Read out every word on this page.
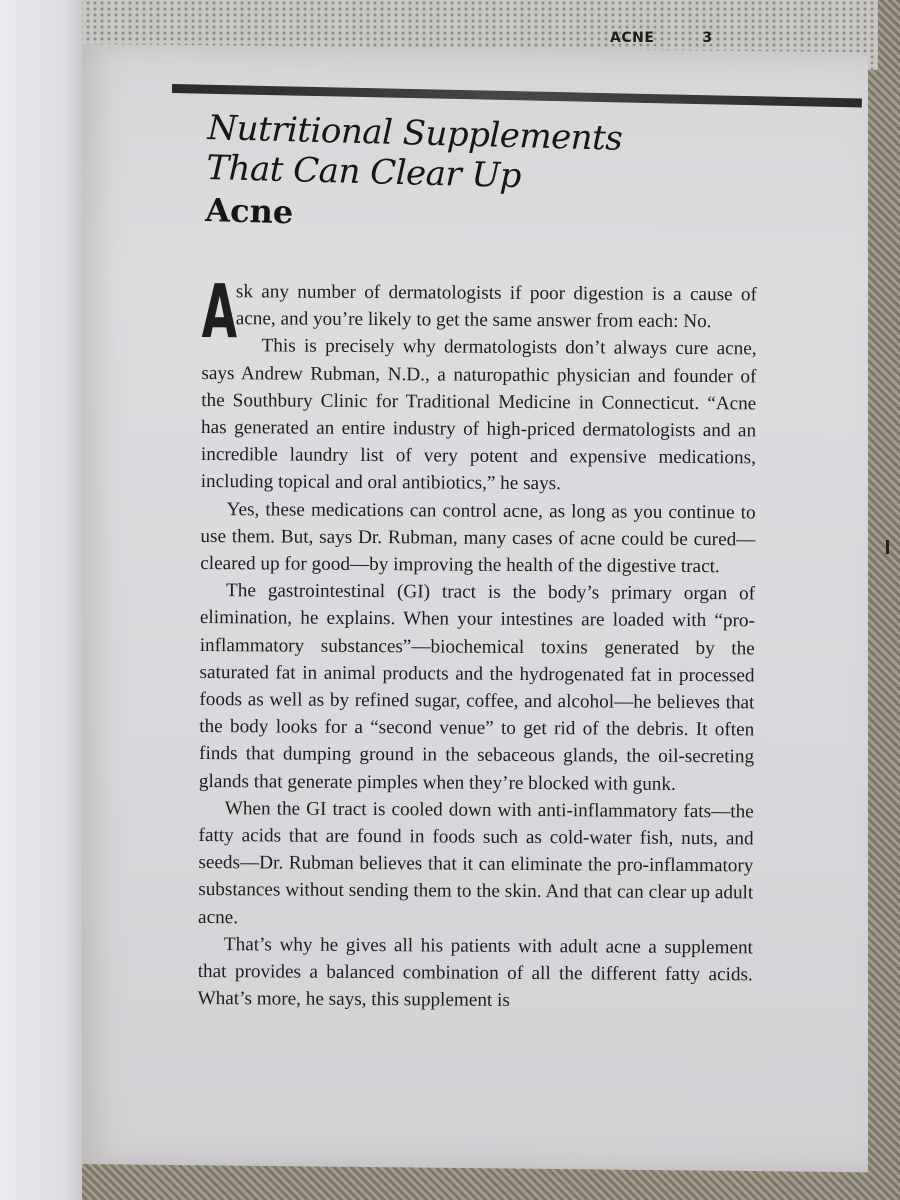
ACNE	3
Nutritional Supplements
That Can Clear Up
Acne

A
sk any number of dermatologists if poor digestion is a cause of acne, and you’re likely to get the same answer from each: No.

This is precisely why dermatologists don’t always cure acne, says Andrew Rubman, N.D., a naturopathic physician and founder of the Southbury Clinic for Traditional Medicine in Connecticut. “Acne has generated an entire industry of high-priced dermatologists and an incredible laundry list of very potent and expensive medications, including topical and oral antibiotics,” he says.

Yes, these medications can control acne, as long as you continue to use them. But, says Dr. Rubman, many cases of acne could be cured—cleared up for good—by improving the health of the digestive tract.

The gastrointestinal (GI) tract is the body’s primary organ of elimination, he explains. When your intestines are loaded with “pro-inflammatory substances”—biochemical toxins generated by the saturated fat in animal products and the hydrogenated fat in processed foods as well as by refined sugar, coffee, and alcohol—he believes that the body looks for a “second venue” to get rid of the debris. It often finds that dumping ground in the sebaceous glands, the oil-secreting glands that generate pimples when they’re blocked with gunk.

When the GI tract is cooled down with anti-inflammatory fats—the fatty acids that are found in foods such as cold-water fish, nuts, and seeds—Dr. Rubman believes that it can eliminate the pro-inflammatory substances without sending them to the skin. And that can clear up adult acne.

That’s why he gives all his patients with adult acne a supplement that provides a balanced combination of all the different fatty acids. What’s more, he says, this supplement is
